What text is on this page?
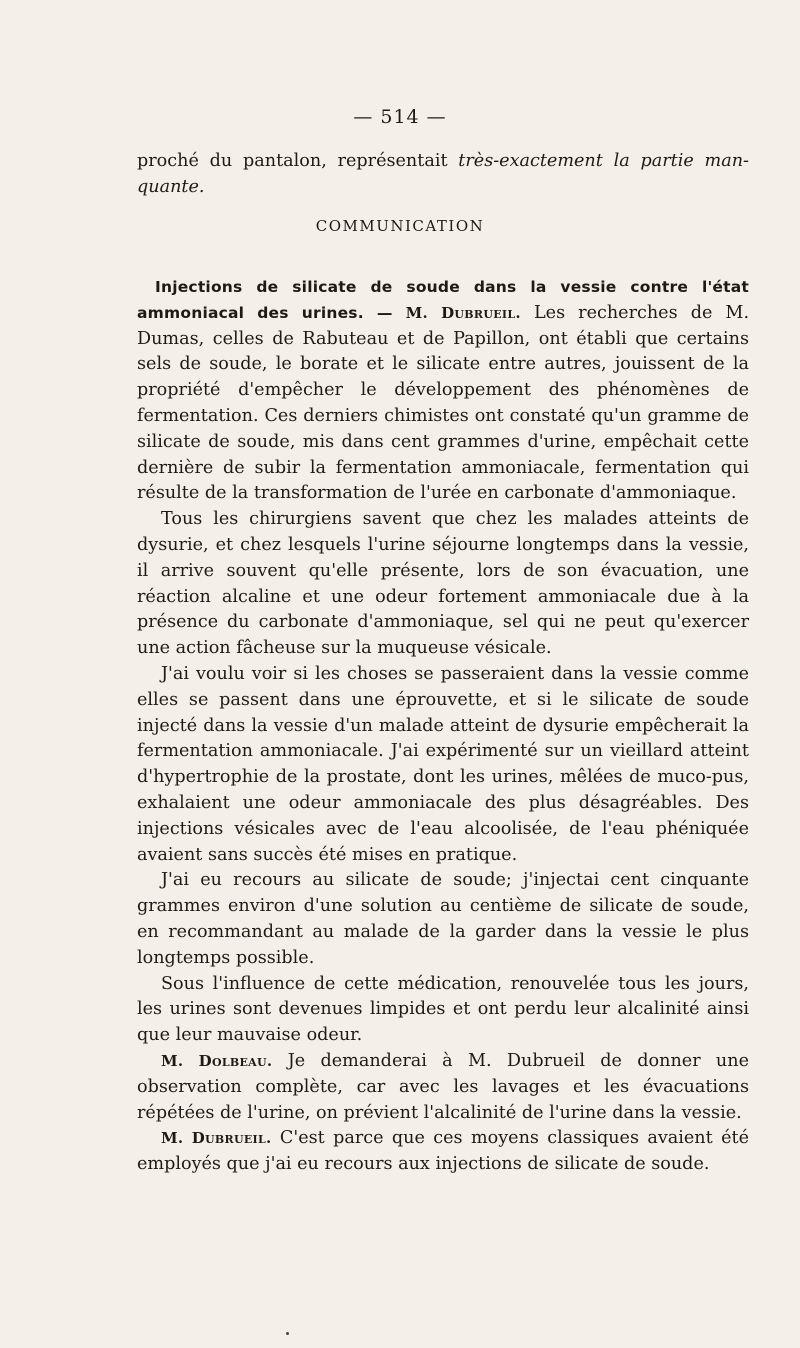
— 514 —

proché du pantalon, représentait très-exactement la partie man-quante.

COMMUNICATION

Injections de silicate de soude dans la vessie contre l'état ammoniacal des urines. — M. Dubrueil. Les recherches de M. Dumas, celles de Rabuteau et de Papillon, ont établi que certains sels de soude, le borate et le silicate entre autres, jouissent de la propriété d'empêcher le développement des phénomènes de fermentation. Ces derniers chimistes ont constaté qu'un gramme de silicate de soude, mis dans cent grammes d'urine, empêchait cette dernière de subir la fermentation ammoniacale, fermentation qui résulte de la transformation de l'urée en carbonate d'ammoniaque.

Tous les chirurgiens savent que chez les malades atteints de dysurie, et chez lesquels l'urine séjourne longtemps dans la vessie, il arrive souvent qu'elle présente, lors de son évacuation, une réaction alcaline et une odeur fortement ammoniacale due à la présence du carbonate d'ammoniaque, sel qui ne peut qu'exercer une action fâcheuse sur la muqueuse vésicale.

J'ai voulu voir si les choses se passeraient dans la vessie comme elles se passent dans une éprouvette, et si le silicate de soude injecté dans la vessie d'un malade atteint de dysurie empêcherait la fermentation ammoniacale. J'ai expérimenté sur un vieillard atteint d'hypertrophie de la prostate, dont les urines, mêlées de muco-pus, exhalaient une odeur ammoniacale des plus désagréables. Des injections vésicales avec de l'eau alcoolisée, de l'eau phéniquée avaient sans succès été mises en pratique.

J'ai eu recours au silicate de soude; j'injectai cent cinquante grammes environ d'une solution au centième de silicate de soude, en recommandant au malade de la garder dans la vessie le plus longtemps possible.

Sous l'influence de cette médication, renouvelée tous les jours, les urines sont devenues limpides et ont perdu leur alcalinité ainsi que leur mauvaise odeur.

M. Dolbeau. Je demanderai à M. Dubrueil de donner une observation complète, car avec les lavages et les évacuations répétées de l'urine, on prévient l'alcalinité de l'urine dans la vessie.

M. Dubrueil. C'est parce que ces moyens classiques avaient été employés que j'ai eu recours aux injections de silicate de soude.
